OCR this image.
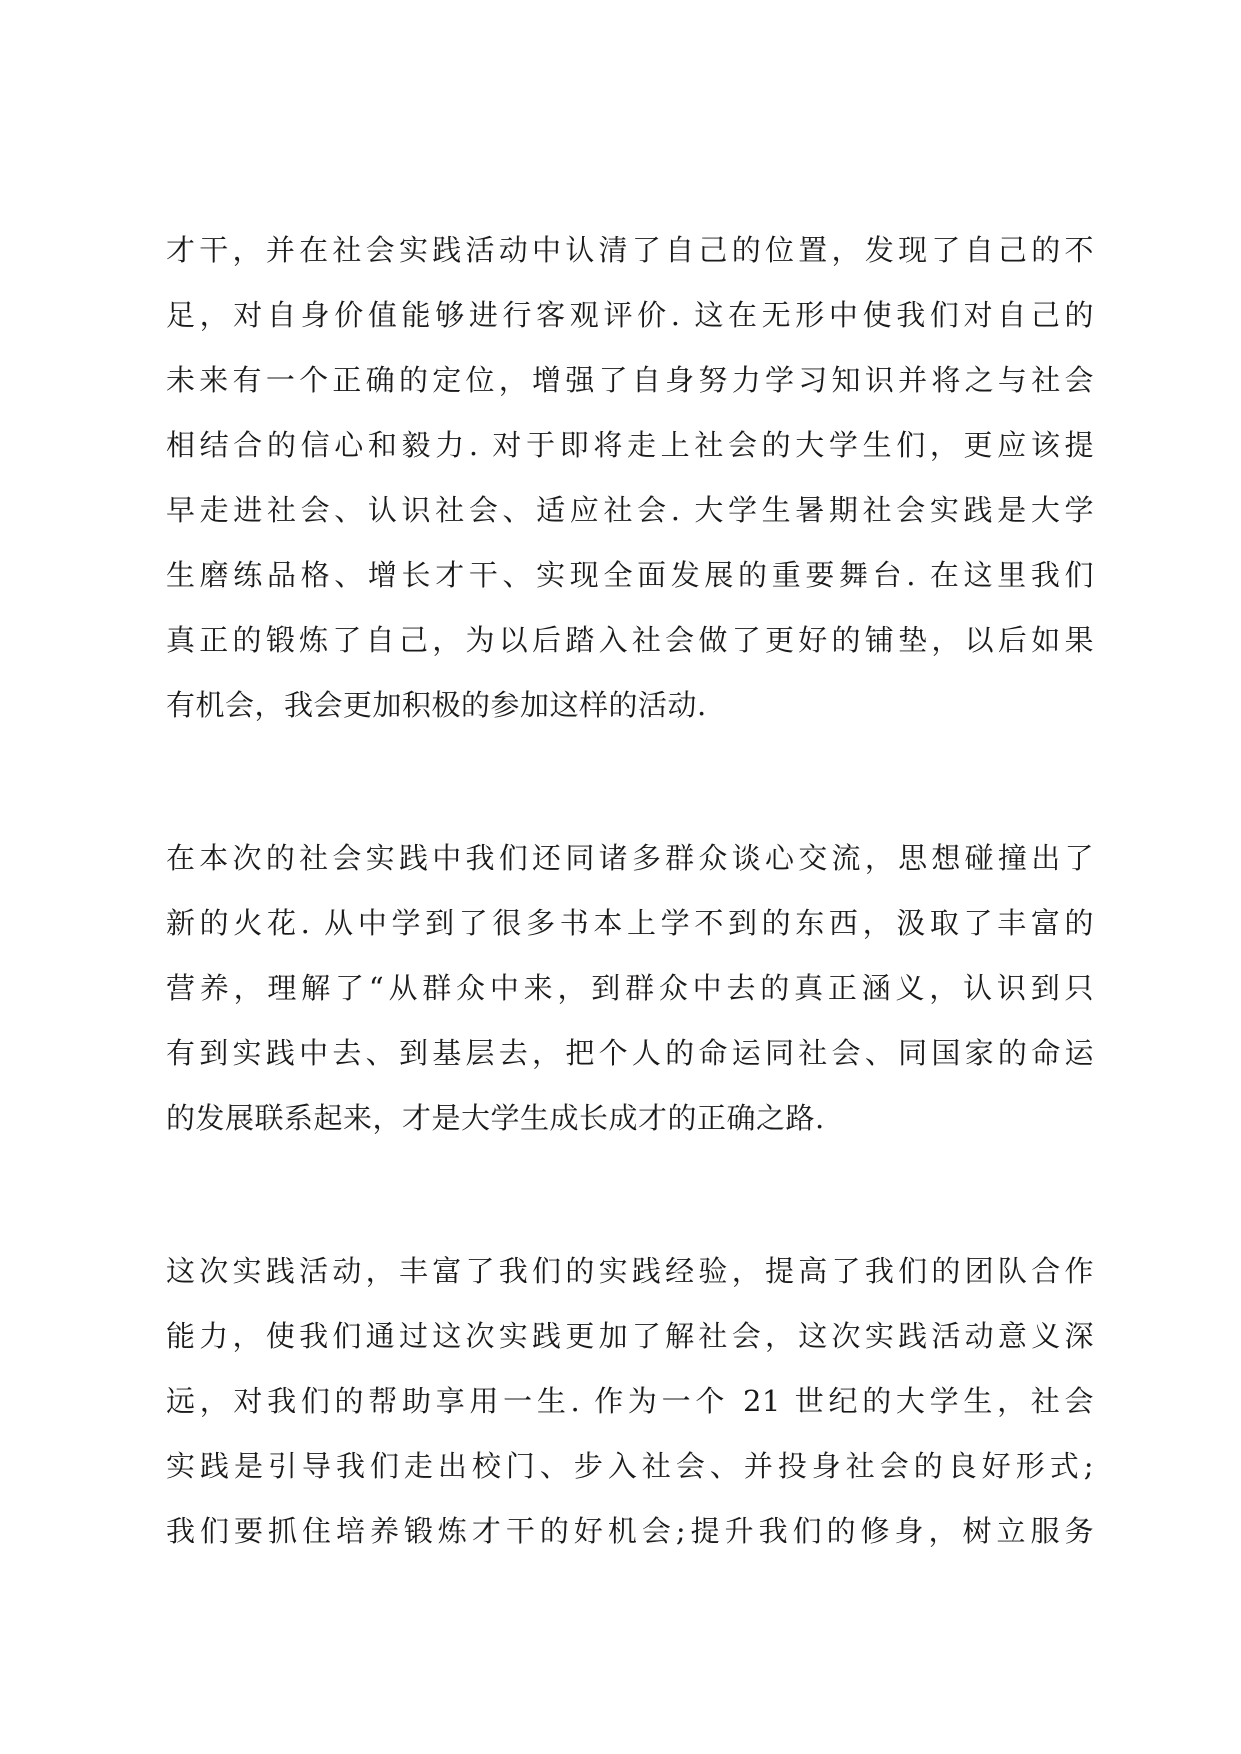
才干，并在社会实践活动中认清了自己的位置，发现了自己的不
足，对自身价值能够进行客观评价. 这在无形中使我们对自己的
未来有一个正确的定位，增强了自身努力学习知识并将之与社会
相结合的信心和毅力. 对于即将走上社会的大学生们，更应该提
早走进社会、认识社会、适应社会. 大学生暑期社会实践是大学
生磨练品格、增长才干、实现全面发展的重要舞台. 在这里我们
真正的锻炼了自己，为以后踏入社会做了更好的铺垫，以后如果
有机会，我会更加积极的参加这样的活动.
在本次的社会实践中我们还同诸多群众谈心交流，思想碰撞出了
新的火花. 从中学到了很多书本上学不到的东西，汲取了丰富的
营养，理解了“从群众中来，到群众中去的真正涵义，认识到只
有到实践中去、到基层去，把个人的命运同社会、同国家的命运
的发展联系起来，才是大学生成长成才的正确之路.
这次实践活动，丰富了我们的实践经验，提高了我们的团队合作
能力，使我们通过这次实践更加了解社会，这次实践活动意义深
远，对我们的帮助享用一生. 作为一个 21 世纪的大学生，社会
实践是引导我们走出校门、步入社会、并投身社会的良好形式;
我们要抓住培养锻炼才干的好机会;提升我们的修身，树立服务
